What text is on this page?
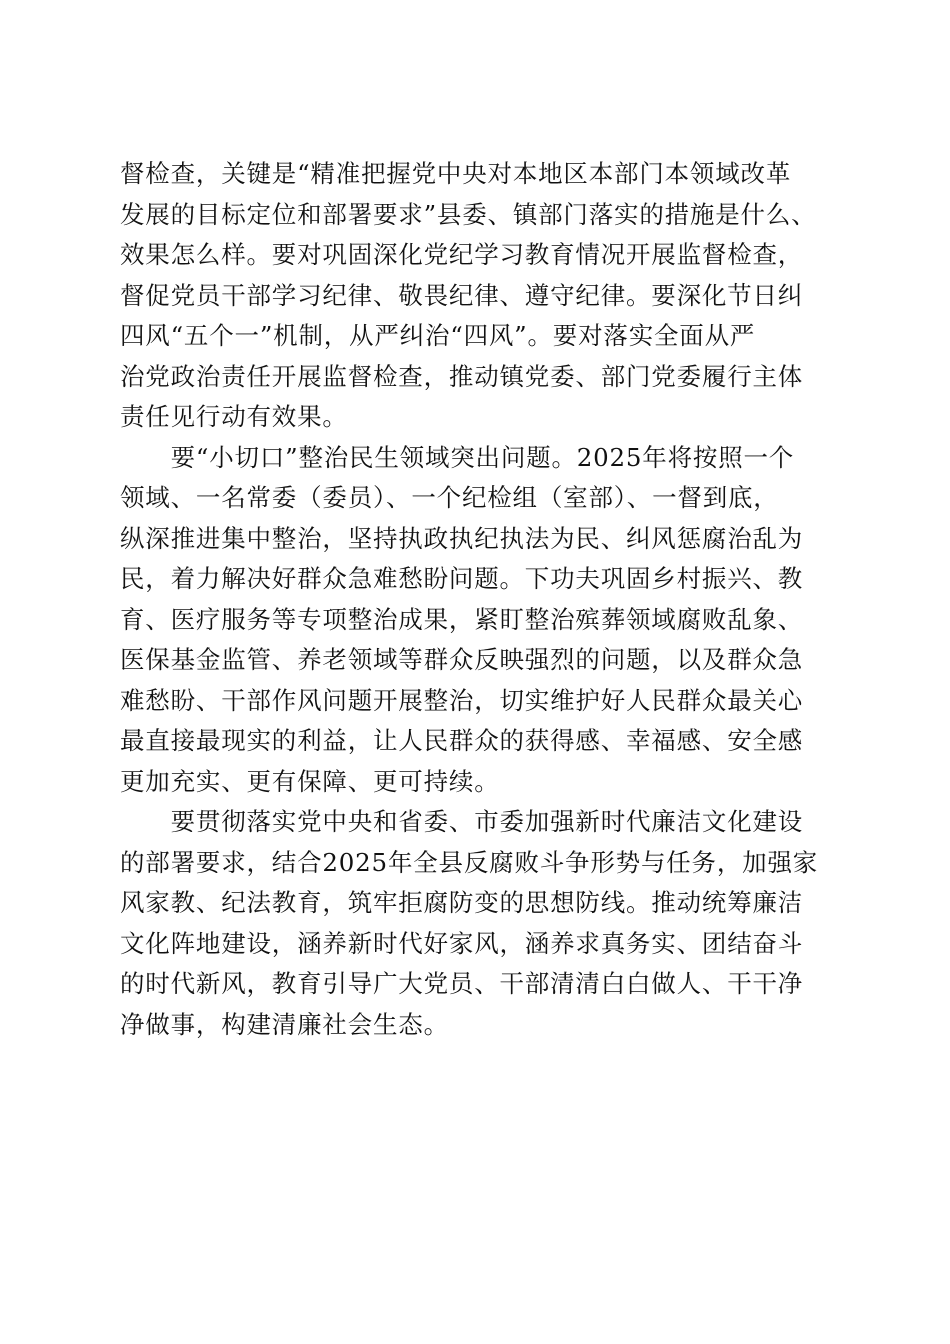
督检查，关键是“精准把握党中央对本地区本部门本领域改革
发展的目标定位和部署要求”县委、镇部门落实的措施是什么、
效果怎么样。要对巩固深化党纪学习教育情况开展监督检查，
督促党员干部学习纪律、敬畏纪律、遵守纪律。要深化节日纠
四风“五个一”机制，从严纠治“四风”。要对落实全面从严
治党政治责任开展监督检查，推动镇党委、部门党委履行主体
责任见行动有效果。
　　要“小切口”整治民生领域突出问题。2025年将按照一个
领域、一名常委（委员）、一个纪检组（室部）、一督到底，
纵深推进集中整治，坚持执政执纪执法为民、纠风惩腐治乱为
民，着力解决好群众急难愁盼问题。下功夫巩固乡村振兴、教
育、医疗服务等专项整治成果，紧盯整治殡葬领域腐败乱象、
医保基金监管、养老领域等群众反映强烈的问题，以及群众急
难愁盼、干部作风问题开展整治，切实维护好人民群众最关心
最直接最现实的利益，让人民群众的获得感、幸福感、安全感
更加充实、更有保障、更可持续。
　　要贯彻落实党中央和省委、市委加强新时代廉洁文化建设
的部署要求，结合2025年全县反腐败斗争形势与任务，加强家
风家教、纪法教育，筑牢拒腐防变的思想防线。推动统筹廉洁
文化阵地建设，涵养新时代好家风，涵养求真务实、团结奋斗
的时代新风，教育引导广大党员、干部清清白白做人、干干净
净做事，构建清廉社会生态。
